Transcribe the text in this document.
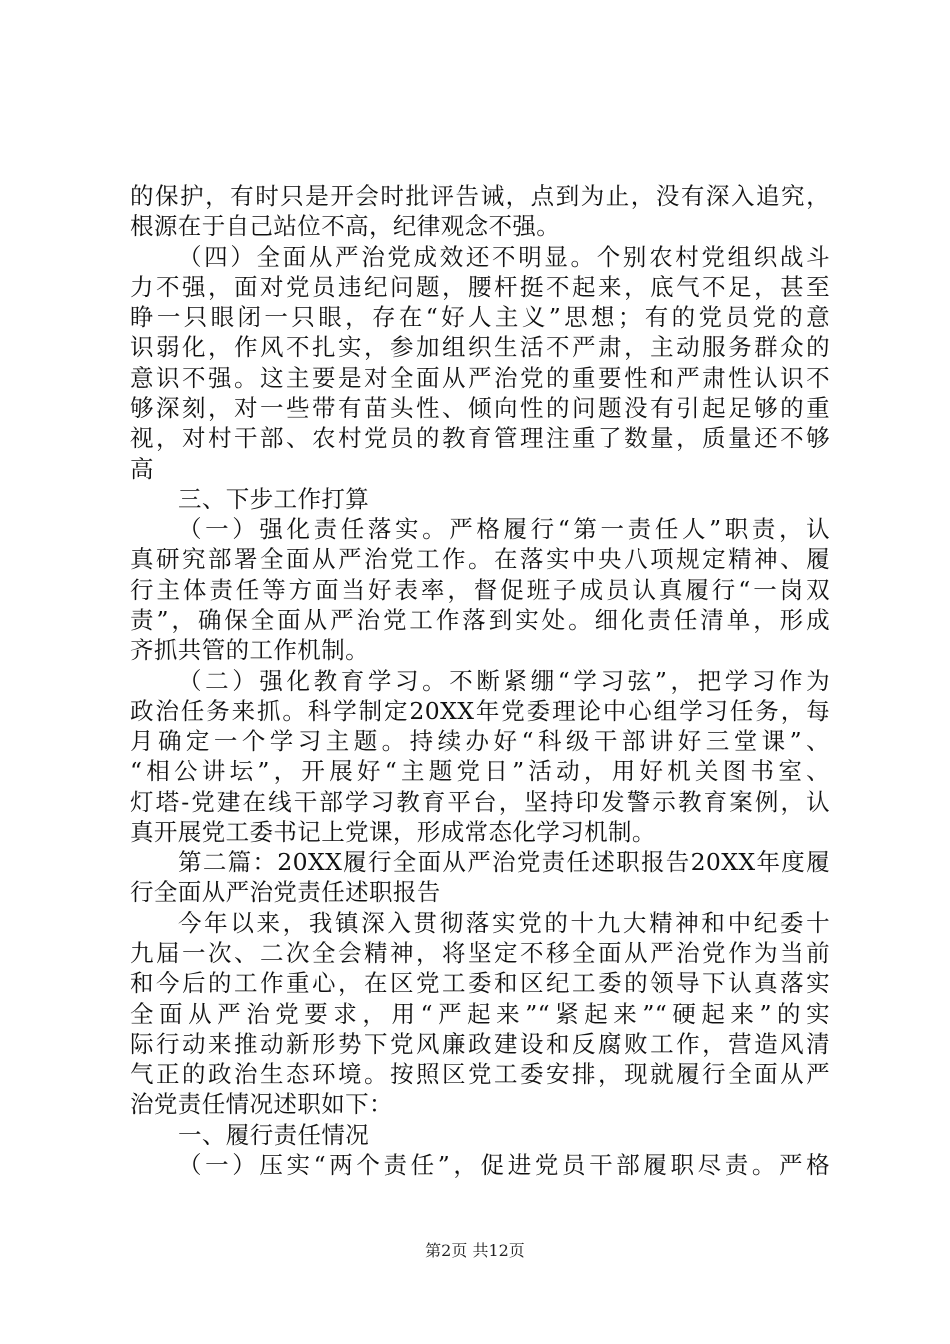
的保护，有时只是开会时批评告诫，点到为止，没有深入追究，
根源在于自己站位不高，纪律观念不强。
（四）全面从严治党成效还不明显。个别农村党组织战斗
力不强，面对党员违纪问题，腰杆挺不起来，底气不足，甚至
睁一只眼闭一只眼，存在“好人主义”思想；有的党员党的意
识弱化，作风不扎实，参加组织生活不严肃，主动服务群众的
意识不强。这主要是对全面从严治党的重要性和严肃性认识不
够深刻，对一些带有苗头性、倾向性的问题没有引起足够的重
视，对村干部、农村党员的教育管理注重了数量，质量还不够
高
三、下步工作打算
（一）强化责任落实。严格履行“第一责任人”职责，认
真研究部署全面从严治党工作。在落实中央八项规定精神、履
行主体责任等方面当好表率，督促班子成员认真履行“一岗双
责”，确保全面从严治党工作落到实处。细化责任清单，形成
齐抓共管的工作机制。
（二）强化教育学习。不断紧绷“学习弦”，把学习作为
政治任务来抓。科学制定20XX年党委理论中心组学习任务，每
月确定一个学习主题。持续办好“科级干部讲好三堂课”、
“相公讲坛”，开展好“主题党日”活动，用好机关图书室、
灯塔-党建在线干部学习教育平台，坚持印发警示教育案例，认
真开展党工委书记上党课，形成常态化学习机制。
第二篇：20XX履行全面从严治党责任述职报告20XX年度履
行全面从严治党责任述职报告
今年以来，我镇深入贯彻落实党的十九大精神和中纪委十
九届一次、二次全会精神，将坚定不移全面从严治党作为当前
和今后的工作重心，在区党工委和区纪工委的领导下认真落实
全面从严治党要求，用“严起来”“紧起来”“硬起来”的实
际行动来推动新形势下党风廉政建设和反腐败工作，营造风清
气正的政治生态环境。按照区党工委安排，现就履行全面从严
治党责任情况述职如下：
一、履行责任情况
（一）压实“两个责任”，促进党员干部履职尽责。严格
第2页 共12页
